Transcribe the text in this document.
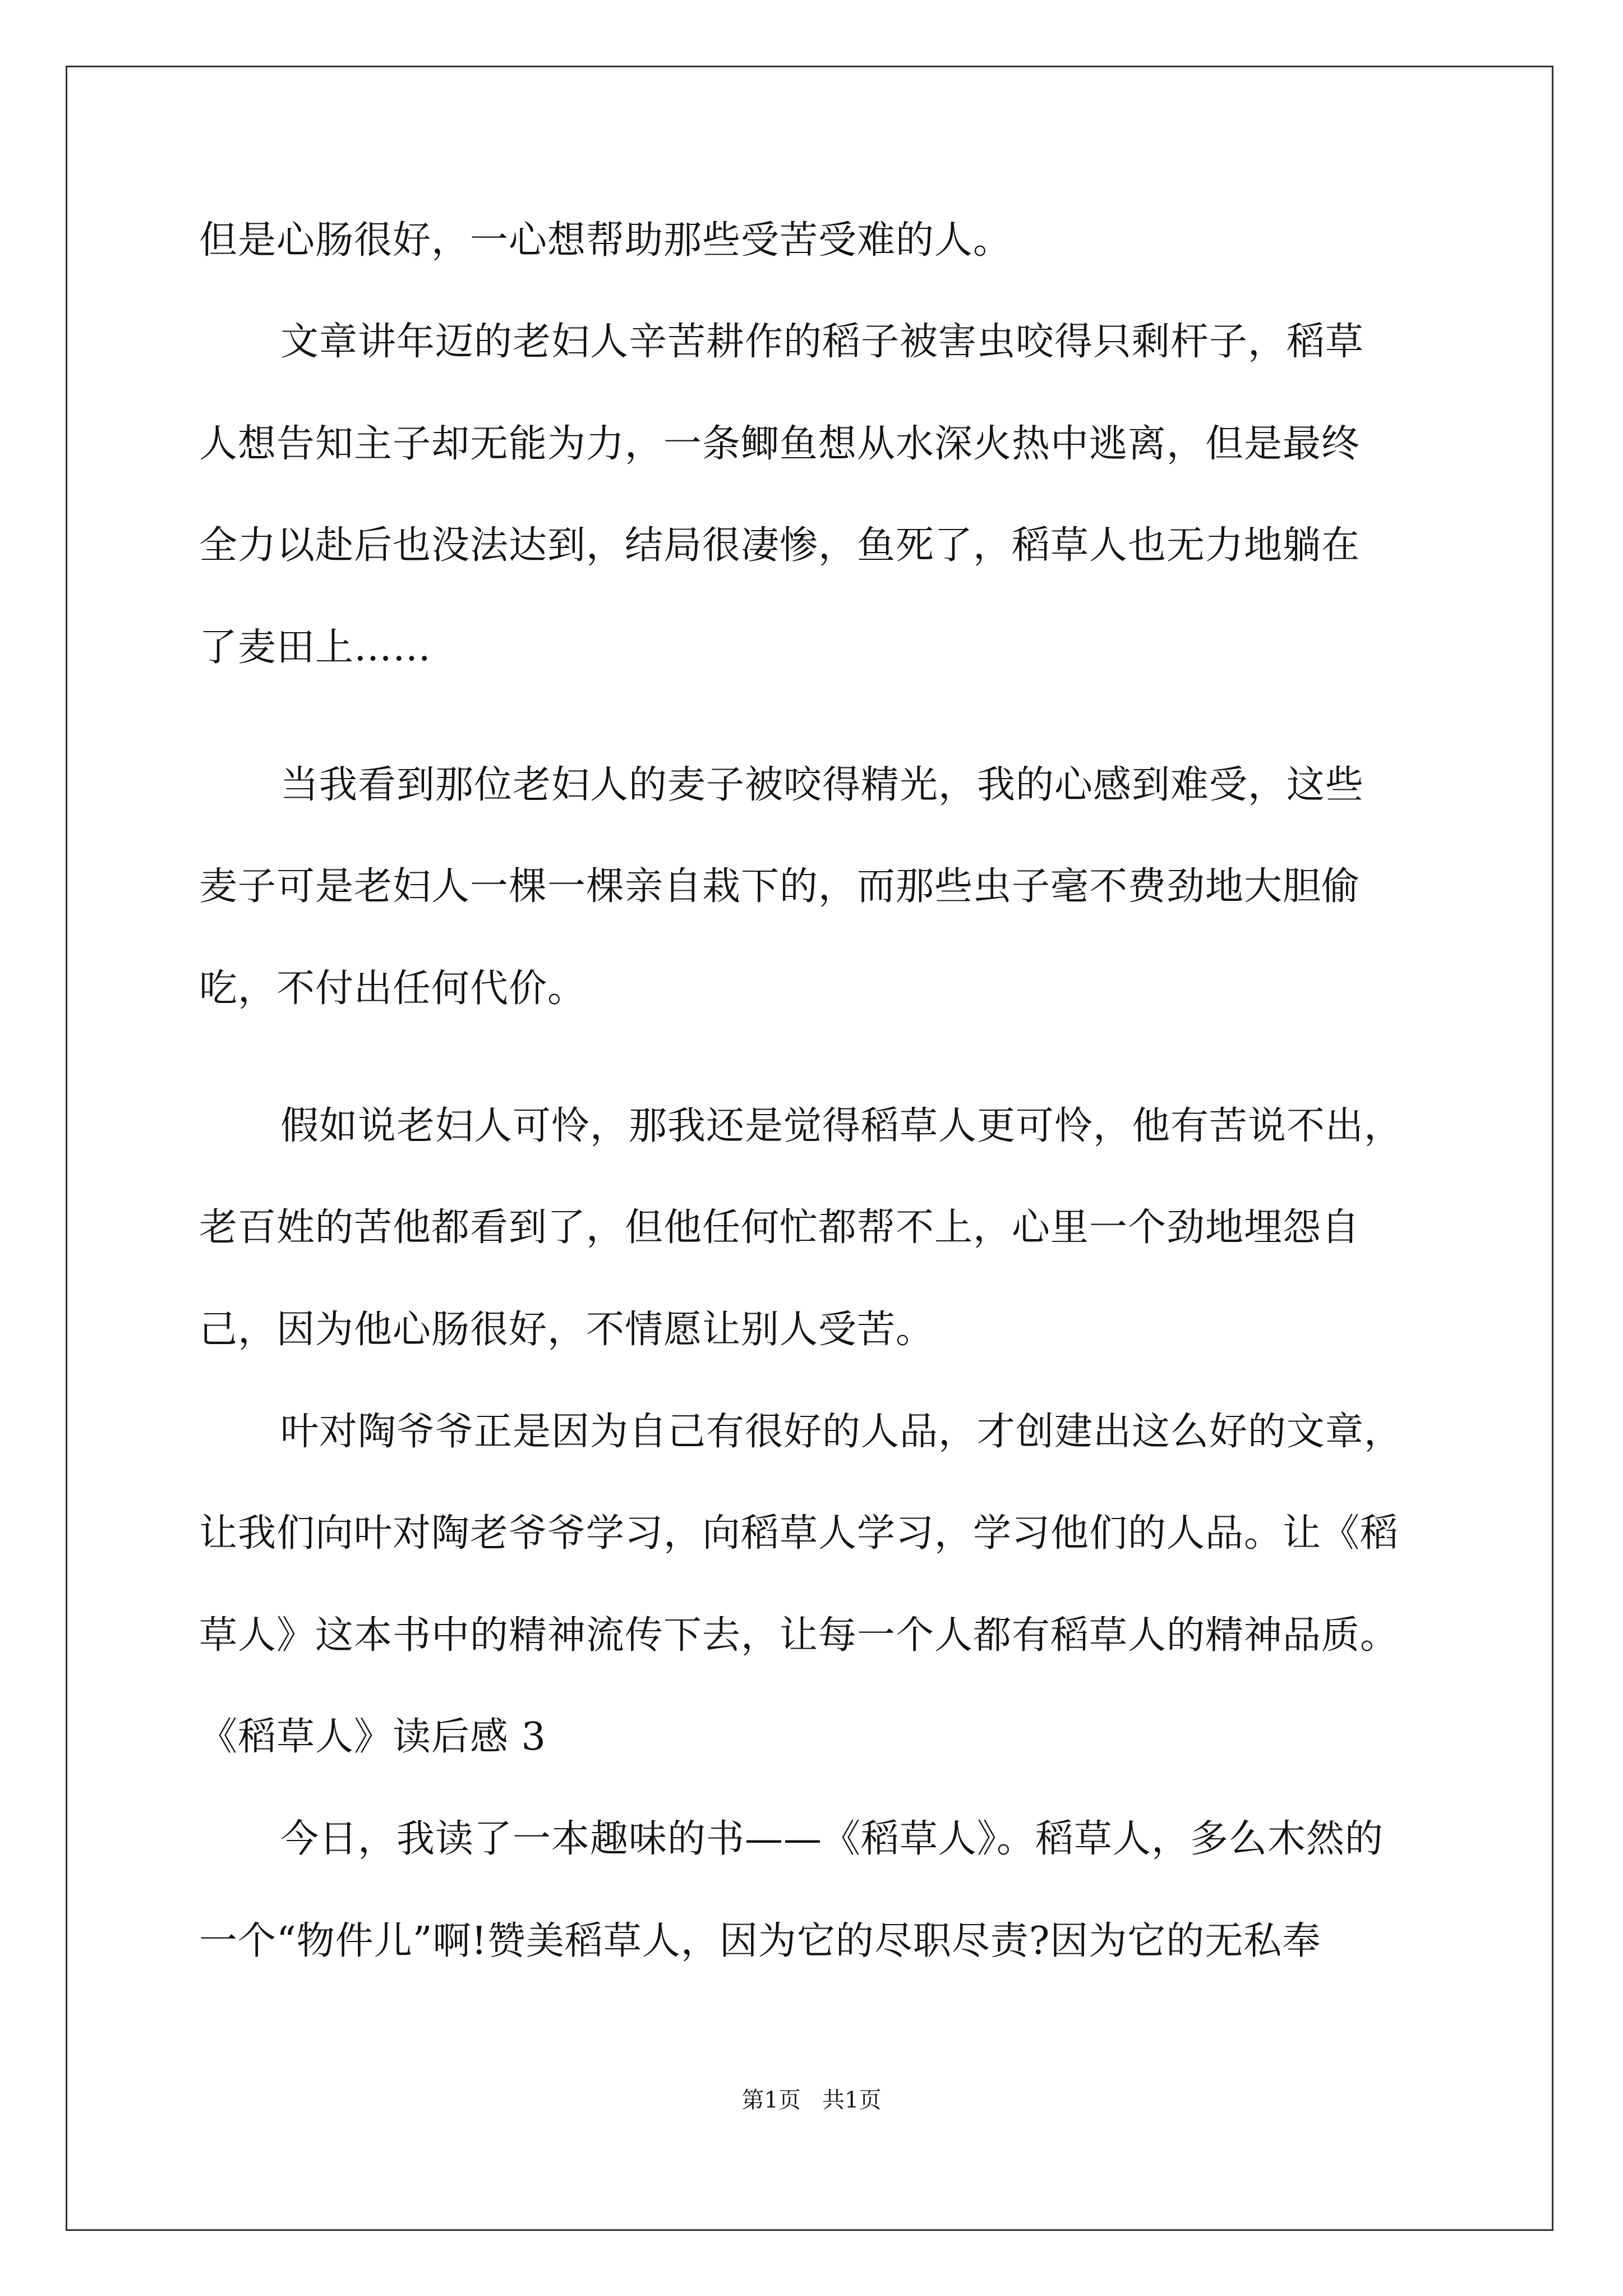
但是心肠很好，一心想帮助那些受苦受难的人。
文章讲年迈的老妇人辛苦耕作的稻子被害虫咬得只剩杆子，稻草
人想告知主子却无能为力，一条鲫鱼想从水深火热中逃离，但是最终
全力以赴后也没法达到，结局很凄惨，鱼死了，稻草人也无力地躺在
了麦田上……
当我看到那位老妇人的麦子被咬得精光，我的心感到难受，这些
麦子可是老妇人一棵一棵亲自栽下的，而那些虫子毫不费劲地大胆偷
吃，不付出任何代价。
假如说老妇人可怜，那我还是觉得稻草人更可怜，他有苦说不出，
老百姓的苦他都看到了，但他任何忙都帮不上，心里一个劲地埋怨自
己，因为他心肠很好，不情愿让别人受苦。
叶对陶爷爷正是因为自己有很好的人品，才创建出这么好的文章，
让我们向叶对陶老爷爷学习，向稻草人学习，学习他们的人品。让《稻
草人》这本书中的精神流传下去，让每一个人都有稻草人的精神品质。
《稻草人》读后感 3
今日，我读了一本趣味的书——《稻草人》。稻草人，多么木然的
一个“物件儿”啊!赞美稻草人，因为它的尽职尽责?因为它的无私奉
第1页   共1页
